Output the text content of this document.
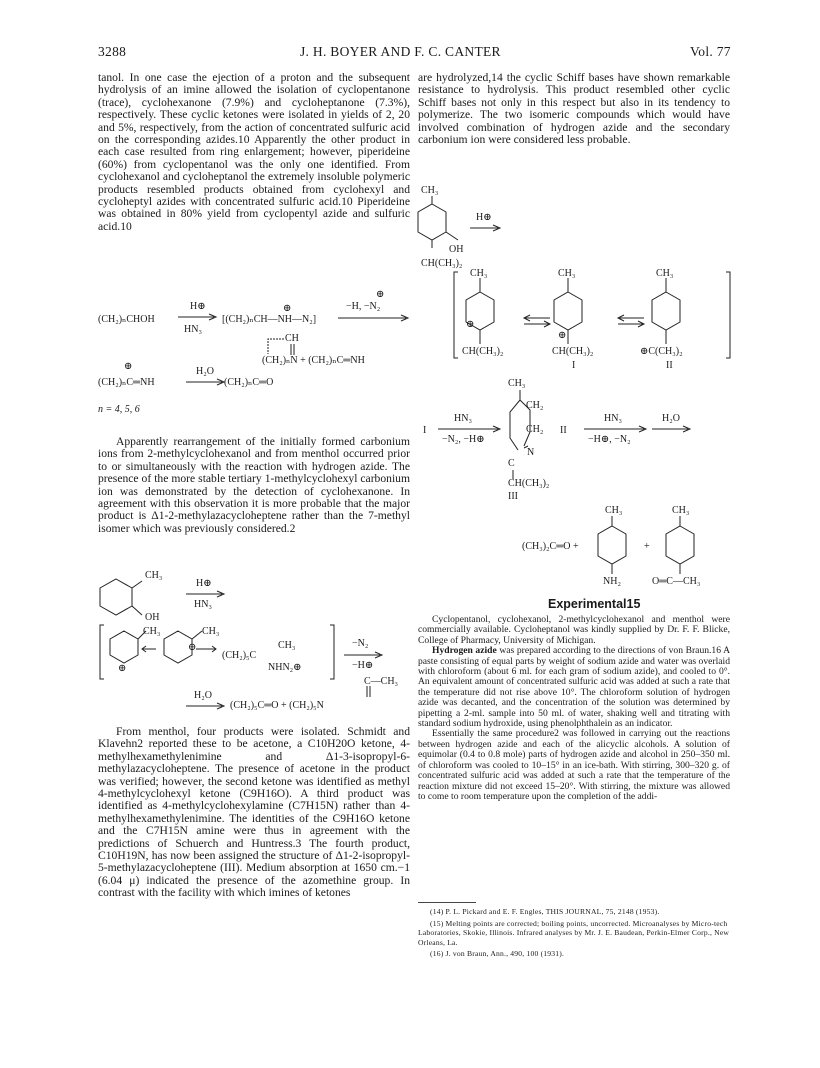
3288	J. H. BOYER AND F. C. CANTER	Vol. 77

tanol. In one case the ejection of a proton and the subsequent hydrolysis of an imine allowed the isolation of cyclopentanone (trace), cyclohexanone (7.9%) and cycloheptanone (7.3%), respectively. These cyclic ketones were isolated in yields of 2, 20 and 5%, respectively, from the action of concentrated sulfuric acid on the corresponding azides.10 Apparently the other product in each case resulted from ring enlargement; however, piperideine (60%) from cyclopentanol was the only one identified. From cyclohexanol and cycloheptanol the extremely insoluble polymeric products resembled products obtained from cyclohexyl and cycloheptyl azides with concentrated sulfuric acid.10 Piperideine was obtained in 80% yield from cyclopentyl azide and sulfuric acid.10

(CH₂)ₙCHOH
H⊕
HN₃
⊕
[(CH₂)ₙCH—NH—N₂]
⊕
−H, −N₂
CH
(CH₂)ₙN + (CH₂)ₙC═NH
⊕
(CH₂)ₙC═NH
H₂O
(CH₂)ₙC═O
n = 4, 5, 6

Apparently rearrangement of the initially formed carbonium ions from 2-methylcyclohexanol and from menthol occurred prior to or simultaneously with the reaction with hydrogen azide. The presence of the more stable tertiary 1-methylcyclohexyl carbonium ion was demonstrated by the detection of cyclohexanone. In agreement with this observation it is more probable that the major product is Δ1-2-methylazacycloheptene rather than the 7-methyl isomer which was previously considered.2

CH₃
OH
H⊕
HN₃
CH₃	CH₃
⊕
⊕
(CH₂)₅C
CH₃
NHN₂⊕
−N₂
−H⊕
C—CH₃
H₂O
→ (CH₂)₅C═O + (CH₂)₅N

From menthol, four products were isolated. Schmidt and Klavehn2 reported these to be acetone, a C10H20O ketone, 4-methylhexamethylenimine and Δ1-3-isopropyl-6-methylazacycloheptene. The presence of acetone in the product was verified; however, the second ketone was identified as methyl 4-methylcyclohexyl ketone (C9H16O). A third product was identified as 4-methylcyclohexylamine (C7H15N) rather than 4-methylhexamethylenimine. The identities of the C9H16O ketone and the C7H15N amine were thus in agreement with the predictions of Schuerch and Huntress.3 The fourth product, C10H19N, has now been assigned the structure of Δ1-2-isopropyl-5-methylazacycloheptene (III). Medium absorption at 1650 cm.−1 (6.04 μ) indicated the presence of the azomethine group. In contrast with the facility with which imines of ketones

are hydrolyzed,14 the cyclic Schiff bases have shown remarkable resistance to hydrolysis. This product resembled other cyclic Schiff bases not only in this respect but also in its tendency to polymerize. The two isomeric compounds which would have involved combination of hydrogen azide and the secondary carbonium ion were considered less probable.

CH₃
OH
CH(CH₃)₂
H⊕
CH₃	CH₃	CH₃
⊕
⊕
CH(CH₃)₂	CH(CH₃)₂	⊕C(CH₃)₂
I	II
CH₃
I
HN₃
−N₂, −H⊕
CH₂
CH₂
N
C
CH(CH₃)₂
III
II
HN₃
−H⊕, −N₂
H₂O
CH₃	CH₃
(CH₃)₂C═O +	+
NH₂	O═C—CH₃
Experimental15

Cyclopentanol, cyclohexanol, 2-methylcyclohexanol and menthol were commercially available. Cycloheptanol was kindly supplied by Dr. F. F. Blicke, College of Pharmacy, University of Michigan.

Hydrogen azide was prepared according to the directions of von Braun.16 A paste consisting of equal parts by weight of sodium azide and water was overlaid with chloroform (about 6 ml. for each gram of sodium azide), and cooled to 0°. An equivalent amount of concentrated sulfuric acid was added at such a rate that the temperature did not rise above 10°. The chloroform solution of hydrogen azide was decanted, and the concentration of the solution was determined by pipetting a 2-ml. sample into 50 ml. of water, shaking well and titrating with standard sodium hydroxide, using phenolphthalein as an indicator.

Essentially the same procedure2 was followed in carrying out the reactions between hydrogen azide and each of the alicyclic alcohols. A solution of equimolar (0.4 to 0.8 mole) parts of hydrogen azide and alcohol in 250–350 ml. of chloroform was cooled to 10–15° in an ice-bath. With stirring, 300–320 g. of concentrated sulfuric acid was added at such a rate that the temperature of the reaction mixture did not exceed 15–20°. With stirring, the mixture was allowed to come to room temperature upon the completion of the addi-

(14) P. L. Pickard and E. F. Engles, THIS JOURNAL, 75, 2148 (1953).

(15) Melting points are corrected; boiling points, uncorrected. Microanalyses by Micro-tech Laboratories, Skokie, Illinois. Infrared analyses by Mr. J. E. Baudean, Perkin-Elmer Corp., New Orleans, La.

(16) J. von Braun, Ann., 490, 100 (1931).
